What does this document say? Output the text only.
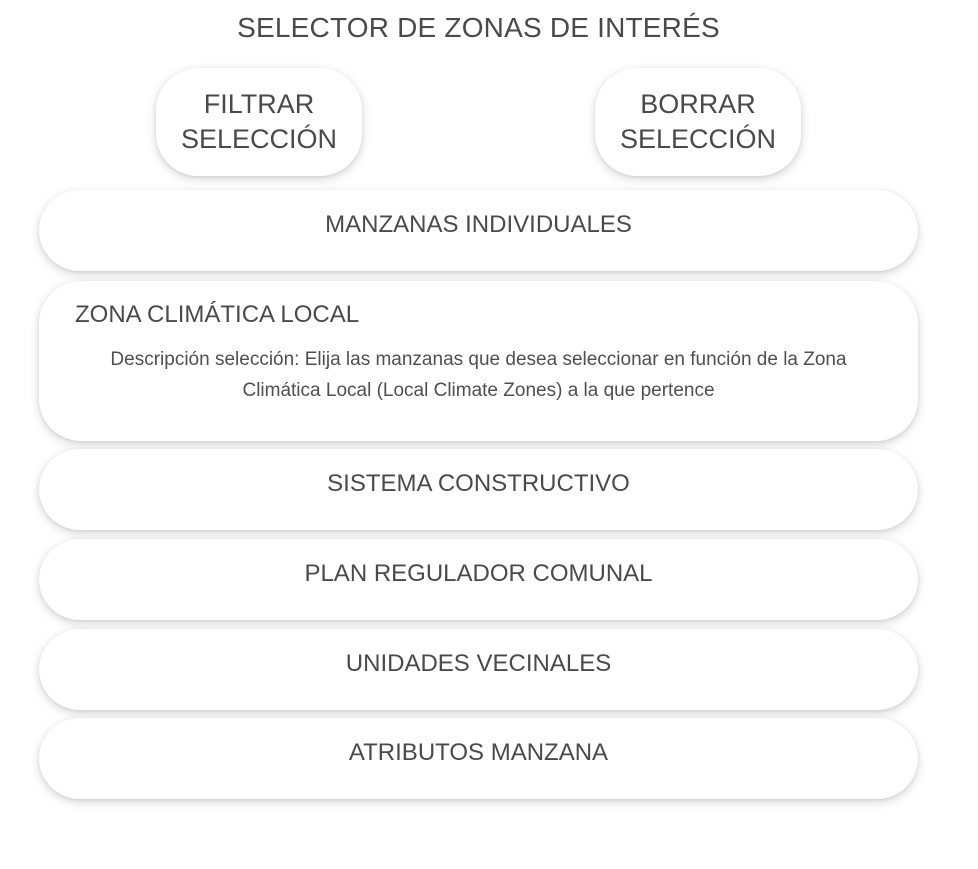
SELECTOR DE ZONAS DE INTERÉS
FILTRAR
SELECCIÓN
BORRAR
SELECCIÓN
MANZANAS INDIVIDUALES
ZONA CLIMÁTICA LOCAL
Descripción selección: Elija las manzanas que desea seleccionar en función de la Zona Climática Local (Local Climate Zones) a la que pertence
SISTEMA CONSTRUCTIVO
PLAN REGULADOR COMUNAL
UNIDADES VECINALES
ATRIBUTOS MANZANA
